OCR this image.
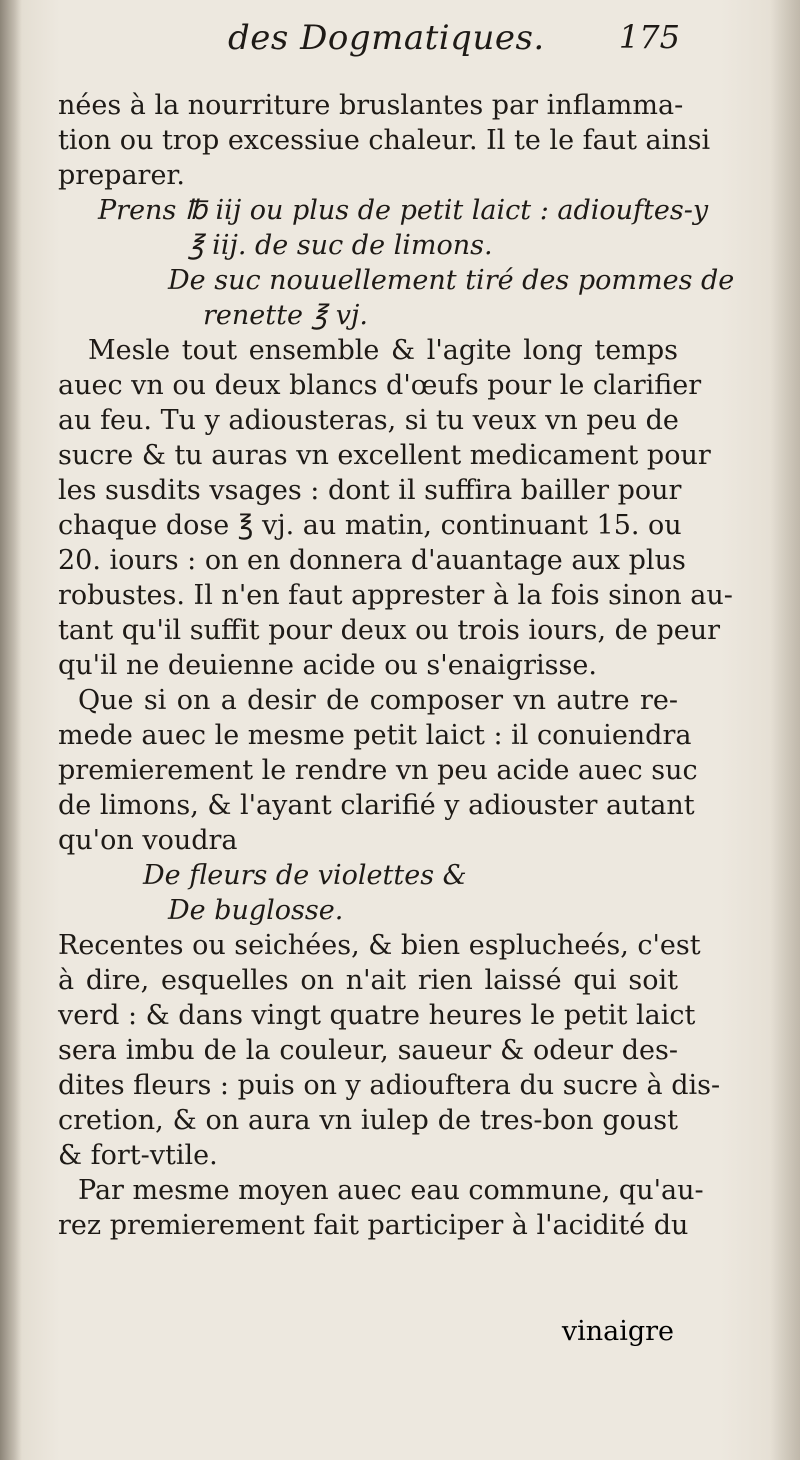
des Dogmatiques. 175
nées à la nourriture bruslantes par inflamma-
tion ou trop excessiue chaleur. Il te le faut ainsi
preparer.
Prens ℔ iij ou plus de petit laict : adiouftes-y
℥ iij. de suc de limons.
De suc nouuellement tiré des pommes de
renette ℥ vj.
Mesle tout ensemble & l'agite long temps
auec vn ou deux blancs d'œufs pour le clarifier
au feu. Tu y adiousteras, si tu veux vn peu de
sucre & tu auras vn excellent medicament pour
les susdits vsages : dont il suffira bailler pour
chaque dose ℥ vj. au matin, continuant 15. ou
20. iours : on en donnera d'auantage aux plus
robustes. Il n'en faut apprester à la fois sinon au-
tant qu'il suffit pour deux ou trois iours, de peur
qu'il ne deuienne acide ou s'enaigrisse.
Que si on a desir de composer vn autre re-
mede auec le mesme petit laict : il conuiendra
premierement le rendre vn peu acide auec suc
de limons, & l'ayant clarifié y adiouster autant
qu'on voudra
De fleurs de violettes &
De buglosse.
Recentes ou seichées, & bien esplucheés, c'est
à dire, esquelles on n'ait rien laissé qui soit
verd : & dans vingt quatre heures le petit laict
sera imbu de la couleur, saueur & odeur des-
dites fleurs : puis on y adiouftera du sucre à dis-
cretion, & on aura vn iulep de tres-bon goust
& fort-vtile.
Par mesme moyen auec eau commune, qu'au-
rez premierement fait participer à l'acidité du
vinaigre
